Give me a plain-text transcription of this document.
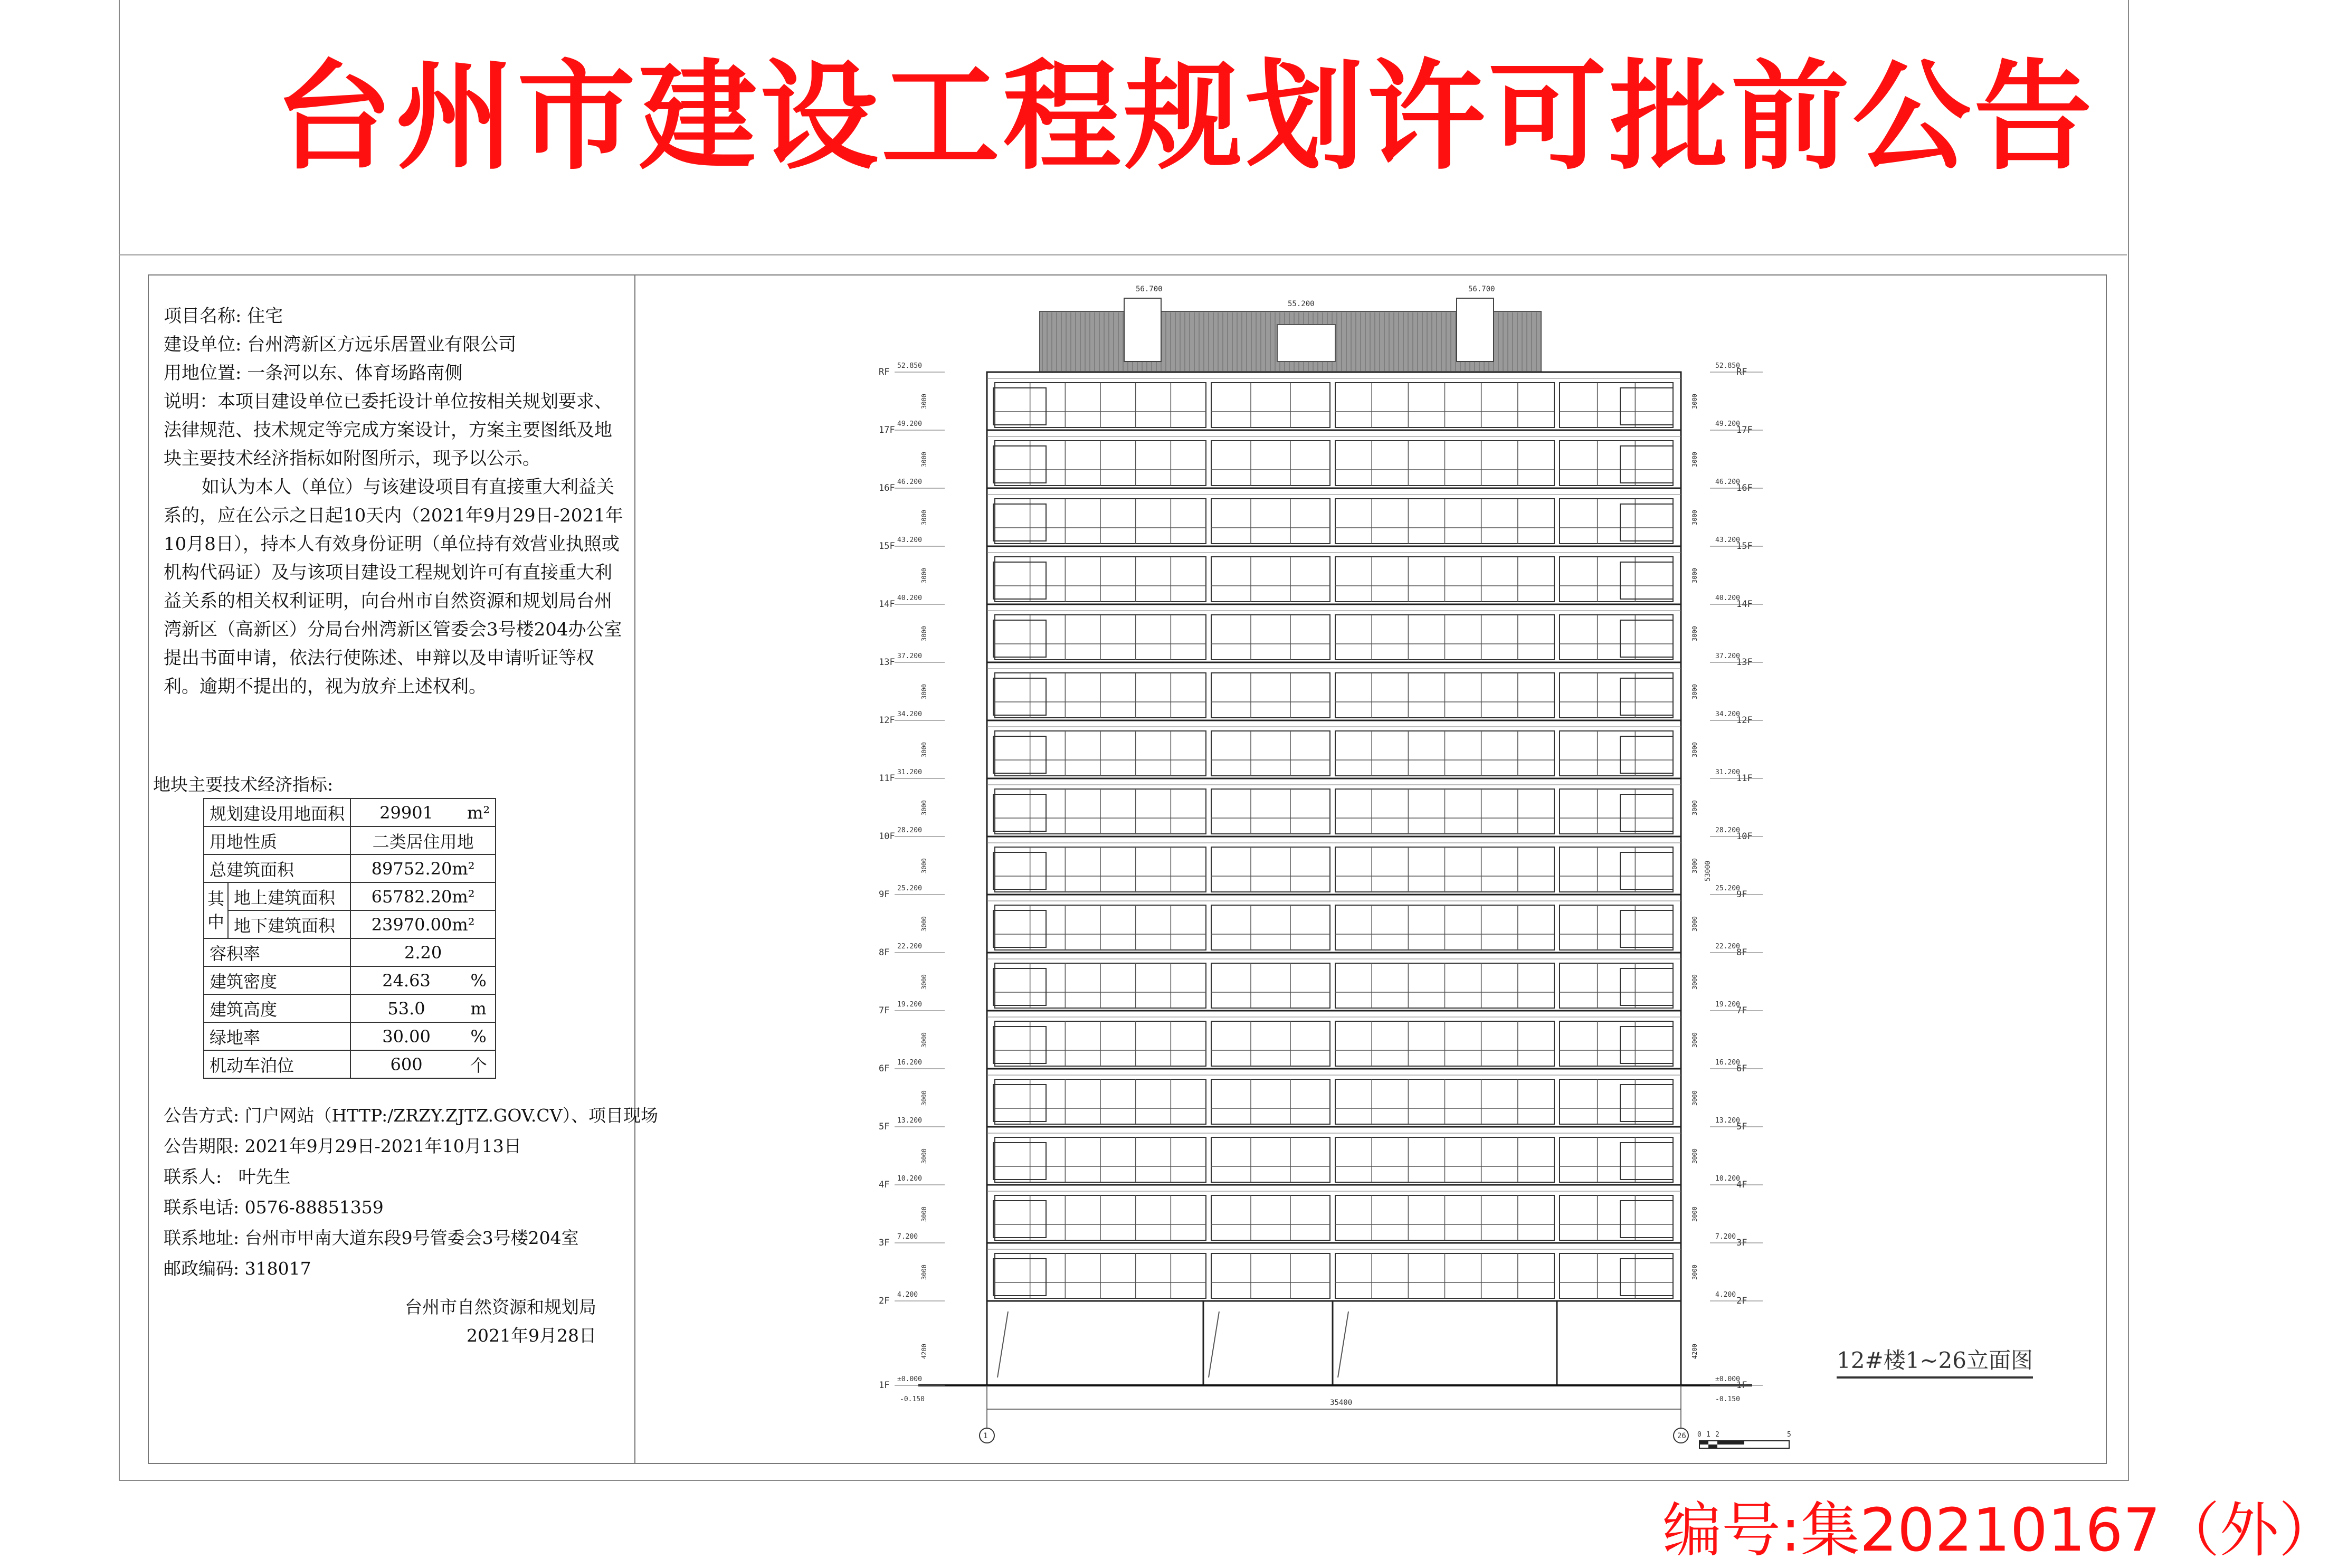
台州市建设工程规划许可批前公告
项目名称:
住宅
建设单位:
台州湾新区方远乐居置业有限公司
用地位置:
一条河以东、体育场路南侧
说明：本项目建设单位已委托设计单位按相关规划要求、法律规范、技术规定等完成方案设计，方案主要图纸及地块主要技术经济指标如附图所示，现予以公示。
如认为本人（单位）与该建设项目有直接重大利益关系的，应在公示之日起10天内（2021年9月29日-2021年10月8日），持本人有效身份证明（单位持有效营业执照或机构代码证）及与该项目建设工程规划许可有直接重大利益关系的相关权利证明，向台州市自然资源和规划局台州湾新区（高新区）分局台州湾新区管委会3号楼204办公室提出书面申请，依法行使陈述、申辩以及申请听证等权利。逾期不提出的，视为放弃上述权利。
地块主要技术经济指标:
规划建设用地面积		29901	m²
用地性质		二类居住用地	
总建筑面积		89752.20m²	
其
中	地上建筑面积	65782.20m²	
	地下建筑面积	23970.00m²	
容积率		2.20	
建筑密度		24.63	%
建筑高度		53.0	m
绿地率		30.00	%
机动车泊位		600	个
公告方式: 门户网站（HTTP:/ZRZY.ZJTZ.GOV.CV）、项目现场
公告期限: 2021年9月29日-2021年10月13日
联系人: 叶先生
联系电话: 0576-88851359
联系地址: 台州市甲南大道东段9号管委会3号楼204室
邮政编码: 318017
台州市自然资源和规划局
2021年9月28日
56.700	56.700
55.200
RF	RF
52.850	52.850
17F	17F
49.200	49.200
3000	3000
16F	16F
46.200	46.200
3000	3000
15F	15F
43.200	43.200
3000	3000
14F	14F
40.200	40.200
3000	3000
13F	13F
37.200	37.200
3000	3000
12F	12F
34.200	34.200
3000	3000
11F	11F
31.200	31.200
3000	3000
10F	10F
28.200	28.200
3000	3000
9F	9F
25.200	25.200
3000	3000
8F	8F
22.200	22.200
3000	3000
7F	7F
19.200	19.200
3000	3000
6F	6F
16.200	16.200
3000	3000
5F	5F
13.200	13.200
3000	3000
4F	4F
10.200	10.200
3000	3000
3F	3F
7.200	7.200
3000	3000
2F	2F
4.200	4.200
3000	3000
1F	1F
±0.000	±0.000
4200	4200
53000
-0.150	-0.150
35400
1	26 0 1 2	5
12#楼1~26立面图
编号:集20210167（外）
